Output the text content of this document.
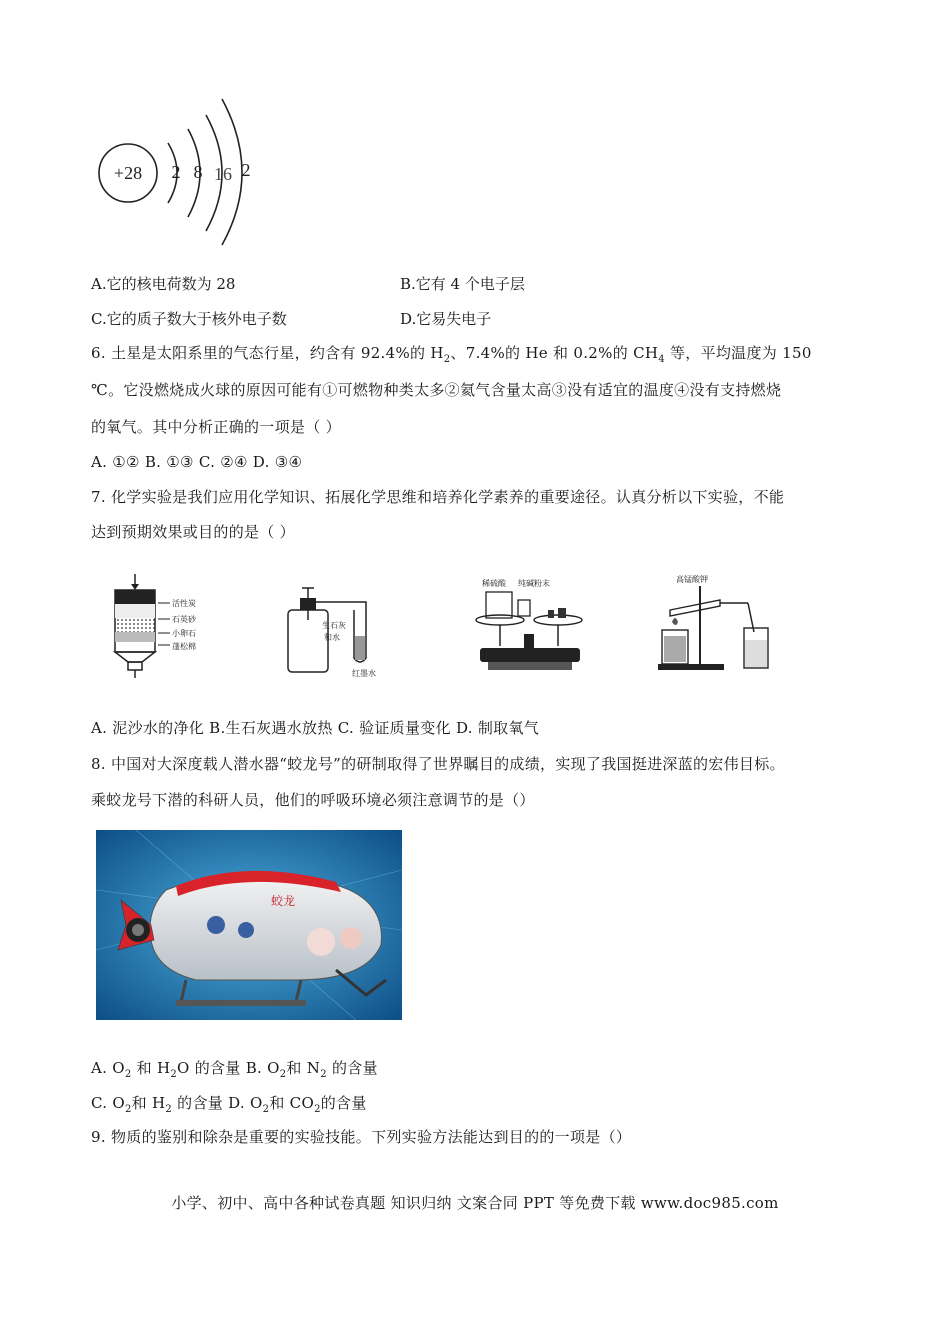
+28 2 8 16 2
A.它的核电荷数为 28	B.它有 4 个电子层
C.它的质子数大于核外电子数	D.它易失电子
6. 土星是太阳系里的气态行星，约含有 92.4%的 $H_2$、7.4%的 He 和 0.2%的 $CH_4$ 等，平均温度为 150
℃。它没燃烧成火球的原因可能有①可燃物种类太多②氦气含量太高③没有适宜的温度④没有支持燃烧
的氧气。其中分析正确的一项是（ ）
A. ①② B. ①③ C. ②④ D. ③④
7. 化学实验是我们应用化学知识、拓展化学思维和培养化学素养的重要途径。认真分析以下实验，不能
达到预期效果或目的的是（ ）
活性炭
石英砂
小卵石
蓬松棉
生石灰
和水
红墨水
稀硫酸 纯碱粉末	高锰酸钾
A. 泥沙水的净化 B.生石灰遇水放热 C. 验证质量变化 D. 制取氧气
8. 中国对大深度载人潜水器“蛟龙号”的研制取得了世界瞩目的成绩，实现了我国挺进深蓝的宏伟目标。
乘蛟龙号下潜的科研人员，他们的呼吸环境必须注意调节的是（）
蛟龙
A. $O_2$ 和 $H_2O$ 的含量 B. $O_2$和 $N_2$ 的含量
C. $O_2$和 $H_2$ 的含量 D. $O_2$和 $CO_2$的含量
9. 物质的鉴别和除杂是重要的实验技能。下列实验方法能达到目的的一项是（）
小学、初中、高中各种试卷真题 知识归纳 文案合同 PPT 等免费下载 www.doc985.com
